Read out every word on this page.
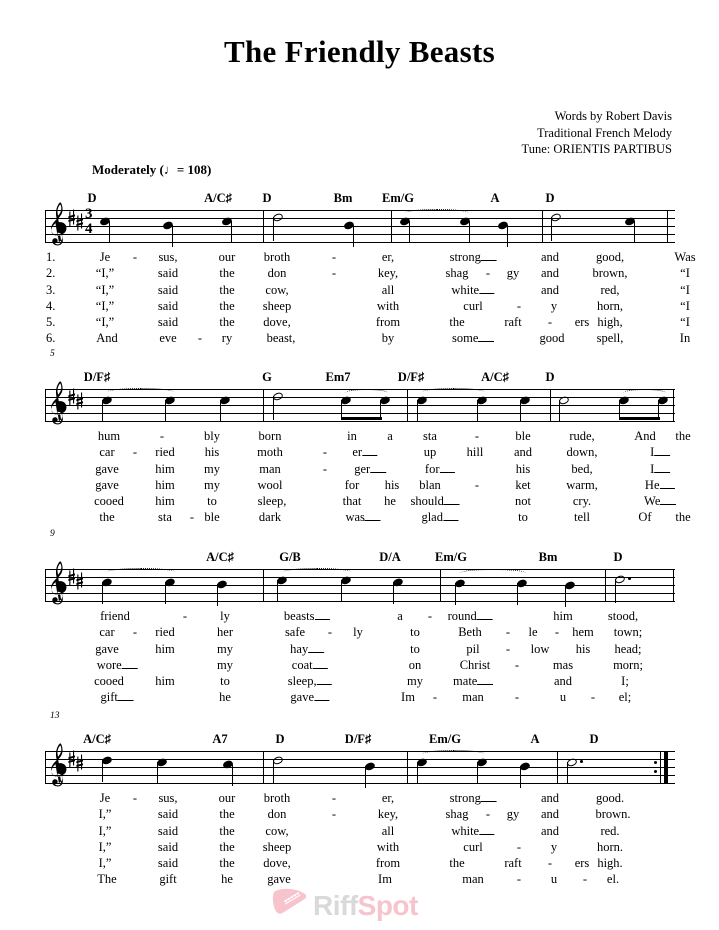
The Friendly Beasts
Words by Robert Davis
Traditional French Melody
Tune: ORIENTIS PARTIBUS
Moderately (♩= 108)
D	A/C♯ D	Bm Em/G	A	D
3
4
1.	Je - sus,	our broth	-	er,	strong	and	good,	Was
2.	“I,”	said	the	don	-	key,	shag - gy and	brown,	“I
3.	“I,”	said	the cow,	all	white	and	red,	“I
4.	“I,”	said	the sheep	with	curl	- y	horn,	“I
5.	“I,”	said	the dove,	from	the	raft - ers high,	“I
6.	And	eve - ry	beast,	by	some	good	spell,	In
5
D/F♯	G	Em7	D/F♯	A/C♯	D
hum	-	bly	born	in a sta	-	ble	rude,	And the
car - ried his	moth	- er	up hill and	down,	I
gave	him my	man	- ger	for	his	bed,	I
gave	him my	wool	for his blan	-	ket	warm,	He
cooed	him	to	sleep,	that he should	not	cry.	We
the	sta - ble	dark	was	glad	to	tell	Of the
9
A/C♯	G/B	D/A	Em/G	Bm	D
friend	-	ly	beasts	a - round	him	stood,
car - ried	her	safe - ly	to	Beth - le - hem town;
gave	him	my	hay	to	pil - low his head;
wore	my	coat	on	Christ -	mas	morn;
cooed	him	to	sleep,	my mate	and	I;
gift	he	gave	Im - man -	u - el;
13
A/C♯	A7	D	D/F♯	Em/G	A	D
Je - sus,	our broth	-	er,	strong	and	good.
I,”	said	the	don	-	key,	shag - gy and	brown.
I,”	said	the cow,	all	white	and	red.
I,”	said	the sheep	with	curl	- y	horn.
I,”	said	the dove,	from	the	raft - ers high.
The	gift	he	gave	Im	man	- u - el.
RiffSpot
